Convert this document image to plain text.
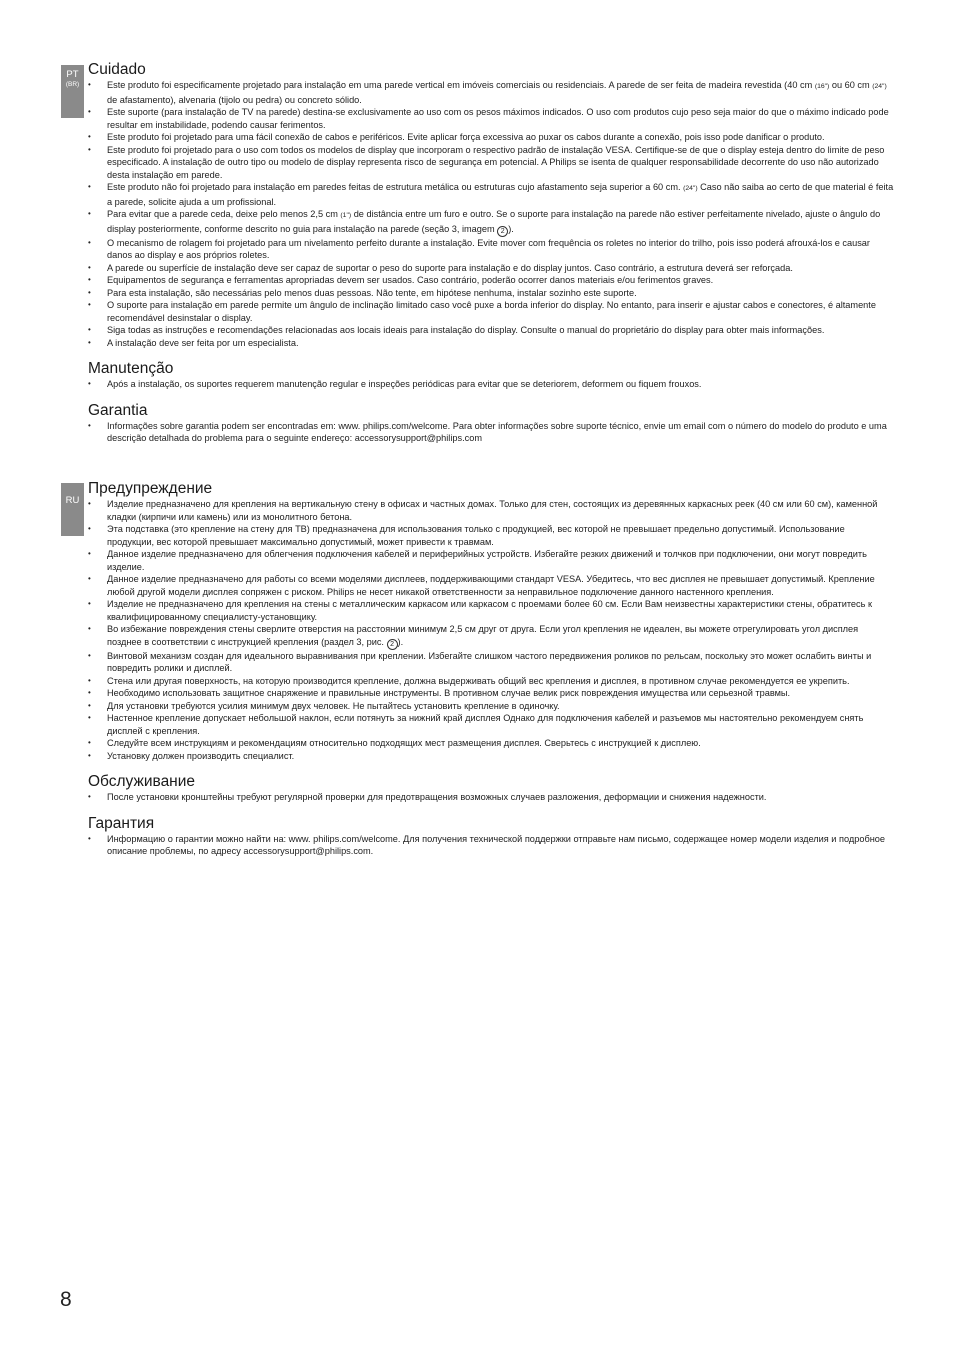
PT
(BR)
Cuidado
• Este produto foi especificamente projetado para instalação em uma parede vertical em imóveis comerciais ou residenciais. A parede de ser feita de madeira revestida (40 cm (16") ou 60 cm (24") de afastamento), alvenaria (tijolo ou pedra) ou concreto sólido.
• Este suporte (para instalação de TV na parede) destina-se exclusivamente ao uso com os pesos máximos indicados. O uso com produtos cujo peso seja maior do que o máximo indicado pode resultar em instabilidade, podendo causar ferimentos.
• Este produto foi projetado para uma fácil conexão de cabos e periféricos. Evite aplicar força excessiva ao puxar os cabos durante a conexão, pois isso pode danificar o produto.
• Este produto foi projetado para o uso com todos os modelos de display que incorporam o respectivo padrão de instalação VESA. Certifique-se de que o display esteja dentro do limite de peso especificado. A instalação de outro tipo ou modelo de display representa risco de segurança em potencial. A Philips se isenta de qualquer responsabilidade decorrente do uso não autorizado desta instalação em parede.
• Este produto não foi projetado para instalação em paredes feitas de estrutura metálica ou estruturas cujo afastamento seja superior a 60 cm. (24") Caso não saiba ao certo de que material é feita a parede, solicite ajuda a um profissional.
• Para evitar que a parede ceda, deixe pelo menos 2,5 cm (1") de distância entre um furo e outro. Se o suporte para instalação na parede não estiver perfeitamente nivelado, ajuste o ângulo do display posteriormente, conforme descrito no guia para instalação na parede (seção 3, imagem 2 ).
• O mecanismo de rolagem foi projetado para um nivelamento perfeito durante a instalação. Evite mover com frequência os roletes no interior do trilho, pois isso poderá afrouxá-los e causar danos ao display e aos próprios roletes.
• A parede ou superfície de instalação deve ser capaz de suportar o peso do suporte para instalação e do display juntos. Caso contrário, a estrutura deverá ser reforçada.
• Equipamentos de segurança e ferramentas apropriadas devem ser usados. Caso contrário, poderão ocorrer danos materiais e/ou ferimentos graves.
• Para esta instalação, são necessárias pelo menos duas pessoas. Não tente, em hipótese nenhuma, instalar sozinho este suporte.
• O suporte para instalação em parede permite um ângulo de inclinação limitado caso você puxe a borda inferior do display. No entanto, para inserir e ajustar cabos e conectores, é altamente recomendável desinstalar o display.
• Siga todas as instruções e recomendações relacionadas aos locais ideais para instalação do display. Consulte o manual do proprietário do display para obter mais informações.
• A instalação deve ser feita por um especialista.
Manutenção
• Após a instalação, os suportes requerem manutenção regular e inspeções periódicas para evitar que se deteriorem, deformem ou fiquem frouxos.
Garantia
• Informações sobre garantia podem ser encontradas em: www. philips.com/welcome. Para obter informações sobre suporte técnico, envie um email com o número do modelo do produto e uma descrição detalhada do problema para o seguinte endereço: accessorysupport@philips.com
RU
Предупреждение
• Изделие предназначено для крепления на вертикальную стену в офисах и частных домах. Только для стен, состоящих из деревянных каркасных реек (40 см или 60 см), каменной кладки (кирпичи или камень) или из монолитного бетона.
• Эта подставка (это крепление на стену для ТВ) предназначена для использования только с продукцией, вес которой не превышает предельно допустимый. Использование продукции, вес которой превышает максимально допустимый, может привести к травмам.
• Данное изделие предназначено для облегчения подключения кабелей и периферийных устройств. Избегайте резких движений и толчков при подключении, они могут повредить изделие.
• Данное изделие предназначено для работы со всеми моделями дисплеев, поддерживающими стандарт VESA. Убедитесь, что вес дисплея не превышает допустимый. Крепление любой другой модели дисплея сопряжен с риском. Philips не несет никакой ответственности за неправильное подключение данного настенного крепления.
• Изделие не предназначено для крепления на стены с металлическим каркасом или каркасом с проемами более 60 см. Если Вам неизвестны характеристики стены, обратитесь к квалифицированному специалисту-установщику.
• Во избежание повреждения стены сверлите отверстия на расстоянии минимум 2,5 см друг от друга. Если угол крепления не идеален, вы можете отрегулировать угол дисплея позднее в соответствии с инструкцией крепления (раздел 3, рис. 2 ).
• Винтовой механизм создан для идеального выравнивания при креплении. Избегайте слишком частого передвижения роликов по рельсам, поскольку это может ослабить винты и повредить ролики и дисплей.
• Стена или другая поверхность, на которую производится крепление, должна выдерживать общий вес крепления и дисплея, в противном случае рекомендуется ее укрепить.
• Необходимо использовать защитное снаряжение и правильные инструменты. В противном случае велик риск повреждения имущества или серьезной травмы.
• Для установки требуются усилия минимум двух человек. Не пытайтесь установить крепление в одиночку.
• Настенное крепление допускает небольшой наклон, если потянуть за нижний край дисплея Однако для подключения кабелей и разъемов мы настоятельно рекомендуем снять дисплей с крепления.
• Следуйте всем инструкциям и рекомендациям относительно подходящих мест размещения дисплея. Сверьтесь с инструкцией к дисплею.
• Установку должен производить специалист.
Обслуживание
• После установки кронштейны требуют регулярной проверки для предотвращения возможных случаев разложения, деформации и снижения надежности.
Гарантия
• Информацию о гарантии можно найти на: www. philips.com/welcome. Для получения технической поддержки отправьте нам письмо, содержащее номер модели изделия и подробное описание проблемы, по адресу accessorysupport@philips.com.
8
